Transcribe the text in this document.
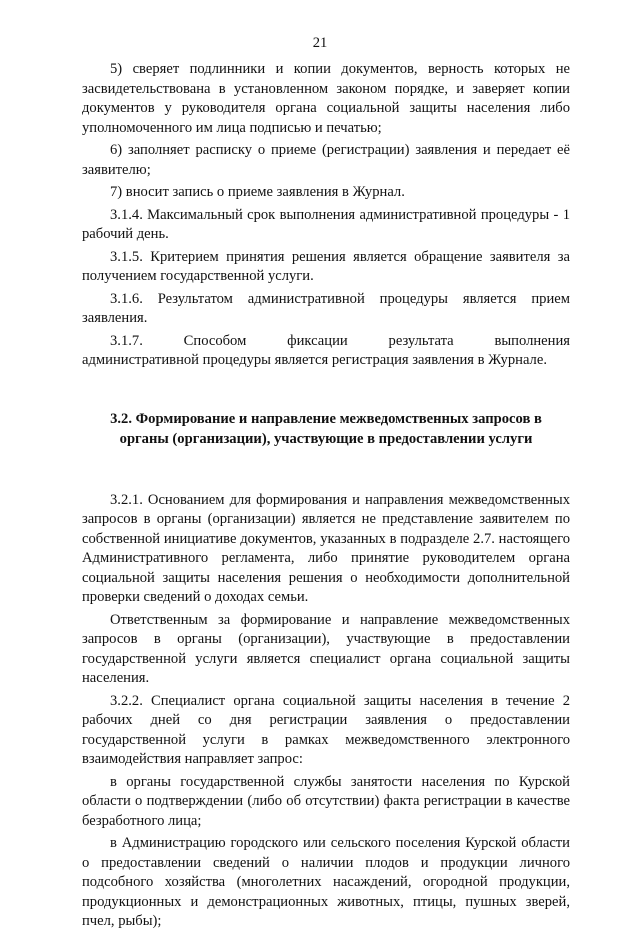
21

5) сверяет подлинники и копии документов, верность которых не засвидетельствована в установленном законом порядке, и заверяет копии документов у руководителя органа социальной защиты населения либо уполномоченного им лица подписью и печатью;

6) заполняет расписку о приеме (регистрации) заявления и передает её заявителю;

7) вносит запись о приеме заявления в Журнал.

3.1.4. Максимальный срок выполнения административной процедуры - 1 рабочий день.

3.1.5. Критерием принятия решения является обращение заявителя за получением государственной услуги.

3.1.6. Результатом административной процедуры является прием заявления.

3.1.7.	Способом	фиксации	результата	выполнения

административной процедуры является регистрация заявления в Журнале.

3.2. Формирование и направление межведомственных запросов в органы (организации), участвующие в предоставлении услуги

3.2.1. Основанием для формирования и направления межведомственных запросов в органы (организации) является не представление заявителем по собственной инициативе документов, указанных в подразделе 2.7. настоящего Административного регламента, либо принятие руководителем органа социальной защиты населения решения о необходимости дополнительной проверки сведений о доходах семьи.

Ответственным за формирование и направление межведомственных запросов в органы (организации), участвующие в предоставлении государственной услуги является специалист органа социальной защиты населения.

3.2.2. Специалист органа социальной защиты населения в течение 2 рабочих дней со дня регистрации заявления о предоставлении государственной услуги в рамках межведомственного электронного взаимодействия направляет запрос:

в органы государственной службы занятости населения по Курской области о подтверждении (либо об отсутствии) факта регистрации в качестве безработного лица;

в Администрацию городского или сельского поселения Курской области о предоставлении сведений о наличии плодов и продукции личного подсобного хозяйства (многолетних насаждений, огородной продукции, продукционных и демонстрационных животных, птицы, пушных зверей, пчел, рыбы);
